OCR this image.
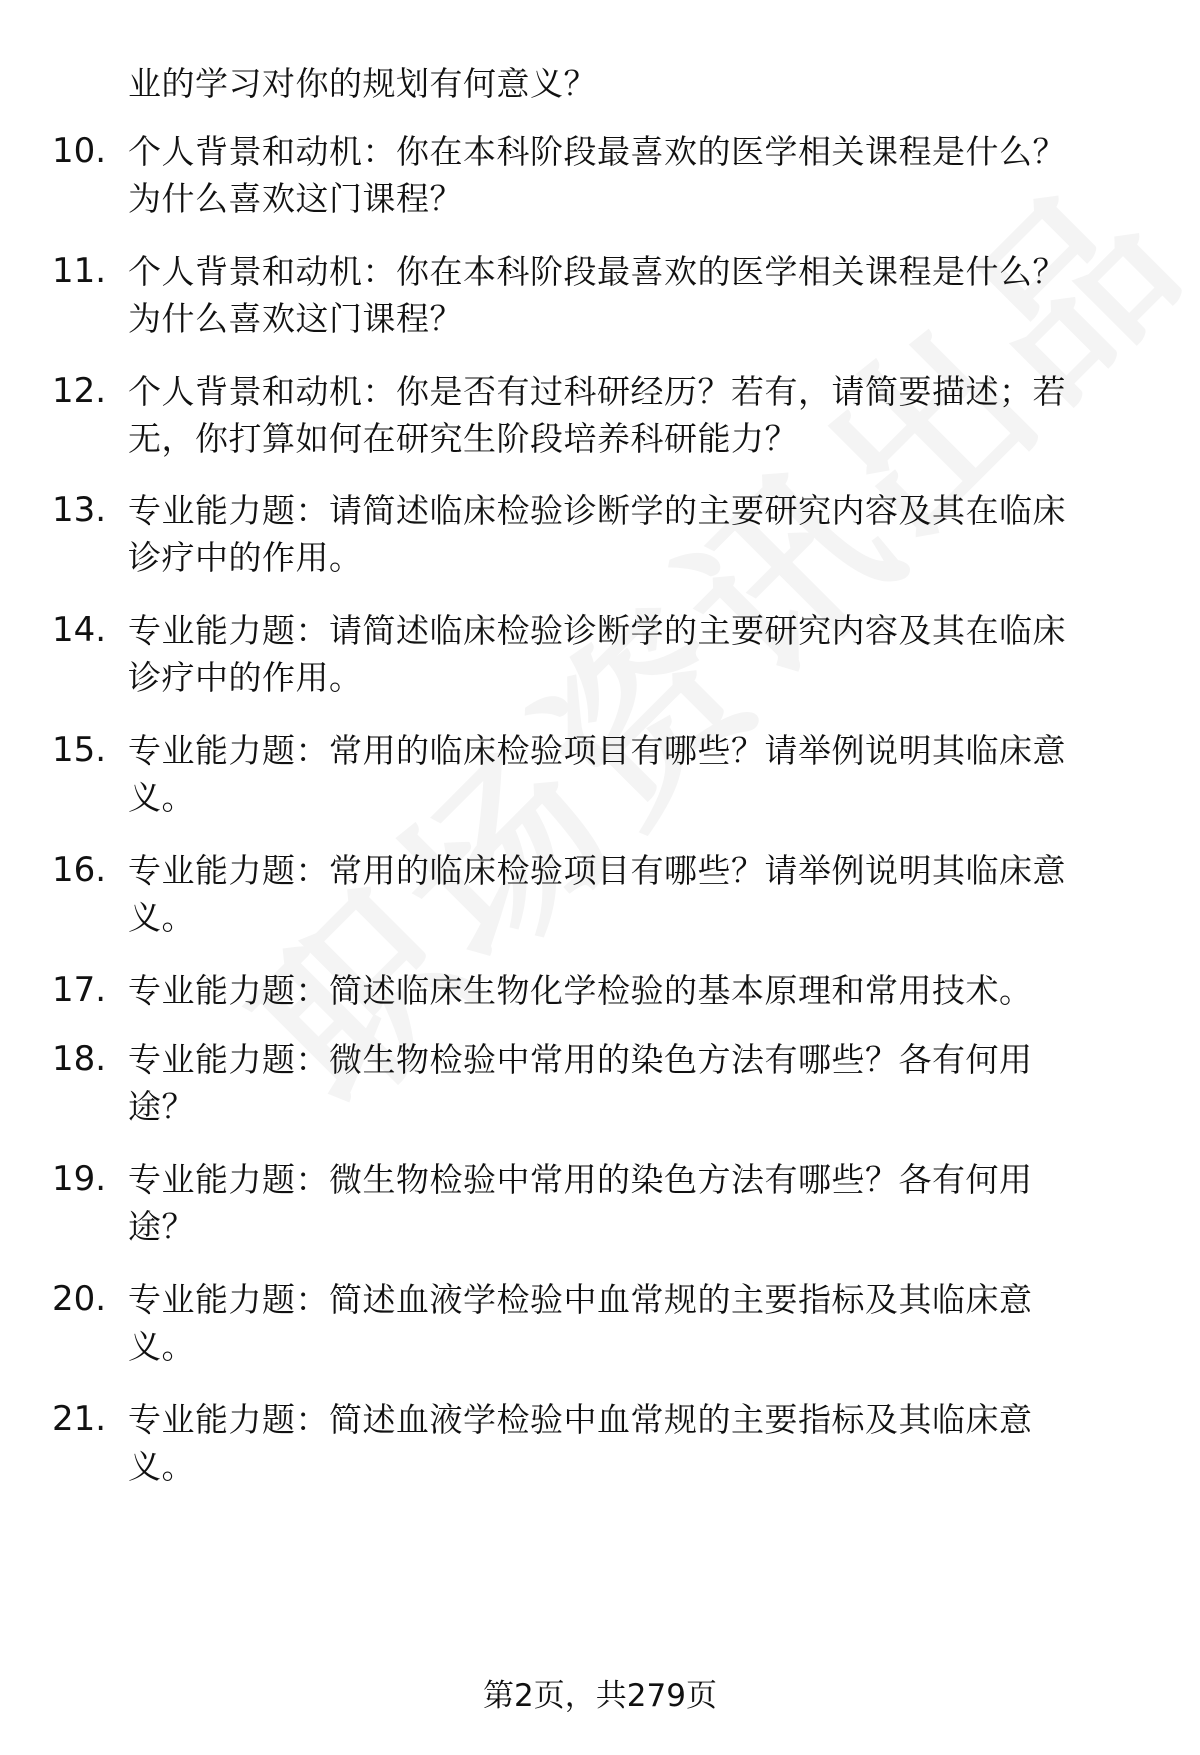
业的学习对你的规划有何意义？
10. 个人背景和动机：你在本科阶段最喜欢的医学相关课程是什么？
为什么喜欢这门课程？
11. 个人背景和动机：你在本科阶段最喜欢的医学相关课程是什么？
为什么喜欢这门课程？
12. 个人背景和动机：你是否有过科研经历？若有，请简要描述；若
无，你打算如何在研究生阶段培养科研能力？
13. 专业能力题：请简述临床检验诊断学的主要研究内容及其在临床
诊疗中的作用。
14. 专业能力题：请简述临床检验诊断学的主要研究内容及其在临床
诊疗中的作用。
15. 专业能力题：常用的临床检验项目有哪些？请举例说明其临床意
义。
16. 专业能力题：常用的临床检验项目有哪些？请举例说明其临床意
义。
17. 专业能力题：简述临床生物化学检验的基本原理和常用技术。
18. 专业能力题：微生物检验中常用的染色方法有哪些？各有何用
途？
19. 专业能力题：微生物检验中常用的染色方法有哪些？各有何用
途？
20. 专业能力题：简述血液学检验中血常规的主要指标及其临床意
义。
21. 专业能力题：简述血液学检验中血常规的主要指标及其临床意
义。
第2页，共279页
